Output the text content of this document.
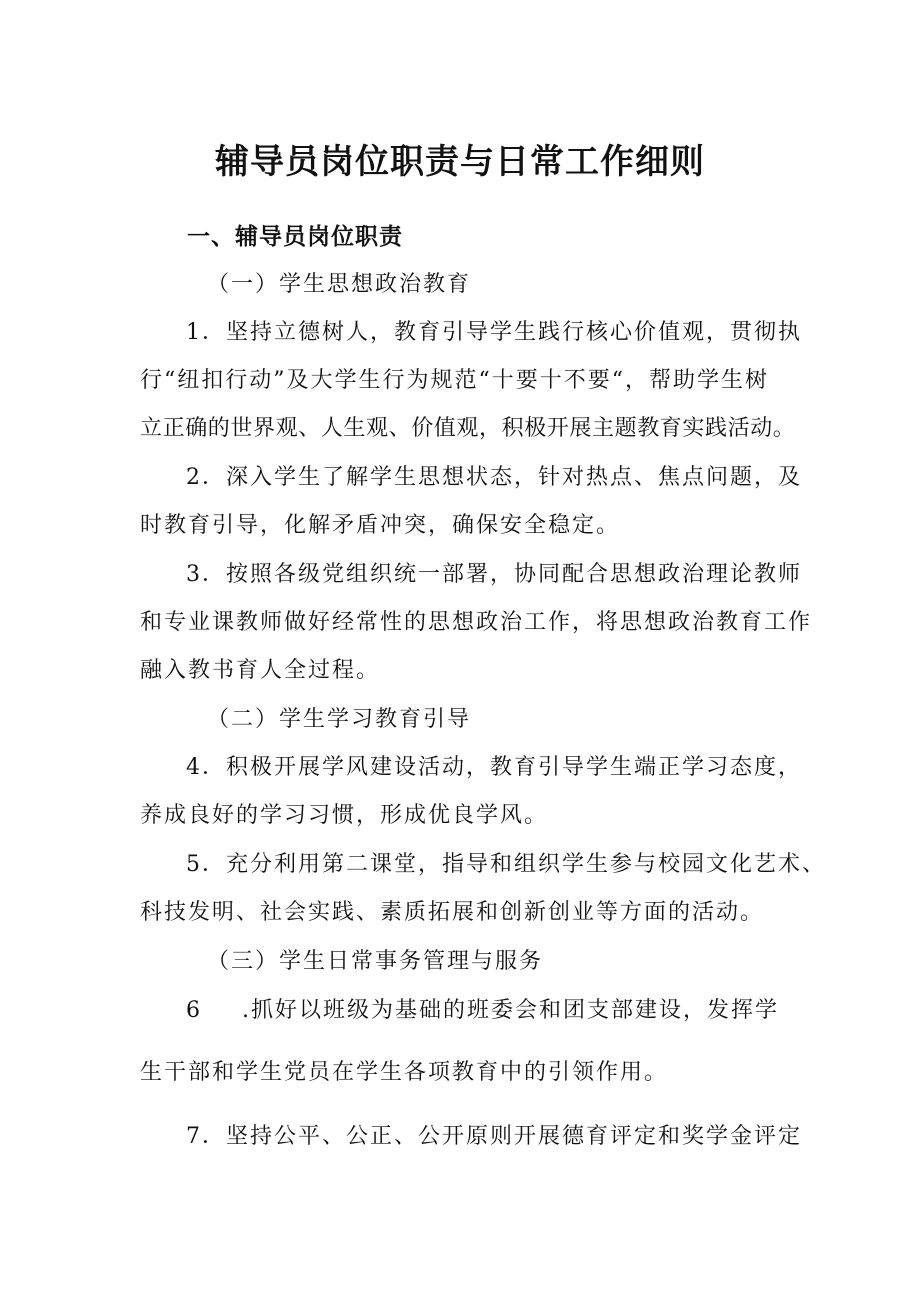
辅导员岗位职责与日常工作细则
一、辅导员岗位职责
（一）学生思想政治教育
1．坚持立德树人，教育引导学生践行核心价值观，贯彻执
行“纽扣行动”及大学生行为规范“十要十不要“，帮助学生树
立正确的世界观、人生观、价值观，积极开展主题教育实践活动。
2．深入学生了解学生思想状态，针对热点、焦点问题，及
时教育引导，化解矛盾冲突，确保安全稳定。
3．按照各级党组织统一部署，协同配合思想政治理论教师
和专业课教师做好经常性的思想政治工作，将思想政治教育工作
融入教书育人全过程。
（二）学生学习教育引导
4．积极开展学风建设活动，教育引导学生端正学习态度，
养成良好的学习习惯，形成优良学风。
5．充分利用第二课堂，指导和组织学生参与校园文化艺术、
科技发明、社会实践、素质拓展和创新创业等方面的活动。
（三）学生日常事务管理与服务
6 .抓好以班级为基础的班委会和团支部建设，发挥学
生干部和学生党员在学生各项教育中的引领作用。
7．坚持公平、公正、公开原则开展德育评定和奖学金评定
